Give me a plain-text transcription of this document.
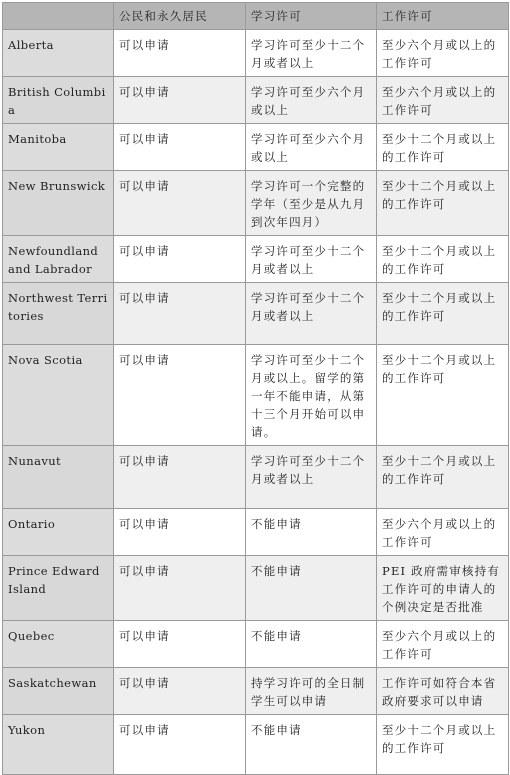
	公民和永久居民	学习许可	工作许可
Alberta	可以申请	学习许可至少十二个月或者以上	至少六个月或以上的工作许可
British Columbia	可以申请	学习许可至少六个月或以上	至少六个月或以上的工作许可
Manitoba	可以申请	学习许可至少六个月或以上	至少十二个月或以上的工作许可
New Brunswick	可以申请	学习许可一个完整的学年（至少是从九月到次年四月）	至少十二个月或以上的工作许可
Newfoundland and Labrador	可以申请	学习许可至少十二个月或者以上	至少十二个月或以上的工作许可
Northwest Territories	可以申请	学习许可至少十二个月或者以上	至少十二个月或以上的工作许可
Nova Scotia	可以申请	学习许可至少十二个月或以上。留学的第一年不能申请，从第十三个月开始可以申请。	至少十二个月或以上的工作许可
Nunavut	可以申请	学习许可至少十二个月或者以上	至少十二个月或以上的工作许可
Ontario	可以申请	不能申请	至少六个月或以上的工作许可
Prince Edward Island	可以申请	不能申请	PEI 政府需审核持有工作许可的申请人的个例决定是否批准
Quebec	可以申请	不能申请	至少六个月或以上的工作许可
Saskatchewan	可以申请	持学习许可的全日制学生可以申请	工作许可如符合本省政府要求可以申请
Yukon	可以申请	不能申请	至少十二个月或以上的工作许可
